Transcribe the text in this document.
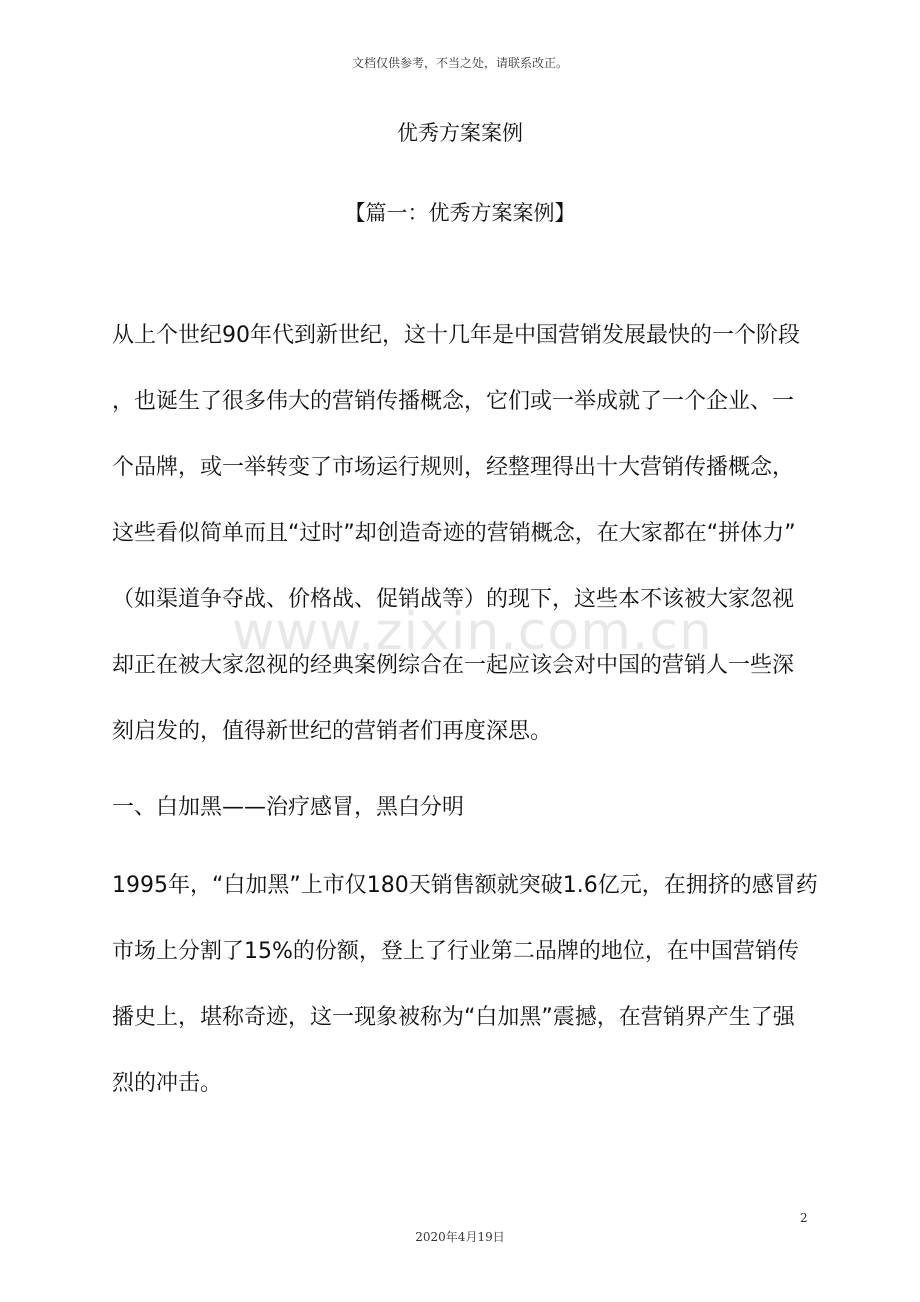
文档仅供参考，不当之处，请联系改正。
优秀方案案例
【篇一：优秀方案案例】
www.zixin.com.cn
从上个世纪90年代到新世纪，这十几年是中国营销发展最快的一个阶段
，也诞生了很多伟大的营销传播概念，它们或一举成就了一个企业、一
个品牌，或一举转变了市场运行规则，经整理得出十大营销传播概念，
这些看似简单而且“过时”却创造奇迹的营销概念，在大家都在“拼体力”
（如渠道争夺战、价格战、促销战等）的现下，这些本不该被大家忽视
却正在被大家忽视的经典案例综合在一起应该会对中国的营销人一些深
刻启发的，值得新世纪的营销者们再度深思。
一、白加黑——治疗感冒，黑白分明
1995年，“白加黑”上市仅180天销售额就突破1.6亿元，在拥挤的感冒药
市场上分割了15%的份额，登上了行业第二品牌的地位，在中国营销传
播史上，堪称奇迹，这一现象被称为“白加黑”震撼，在营销界产生了强
烈的冲击。
2
2020年4月19日
